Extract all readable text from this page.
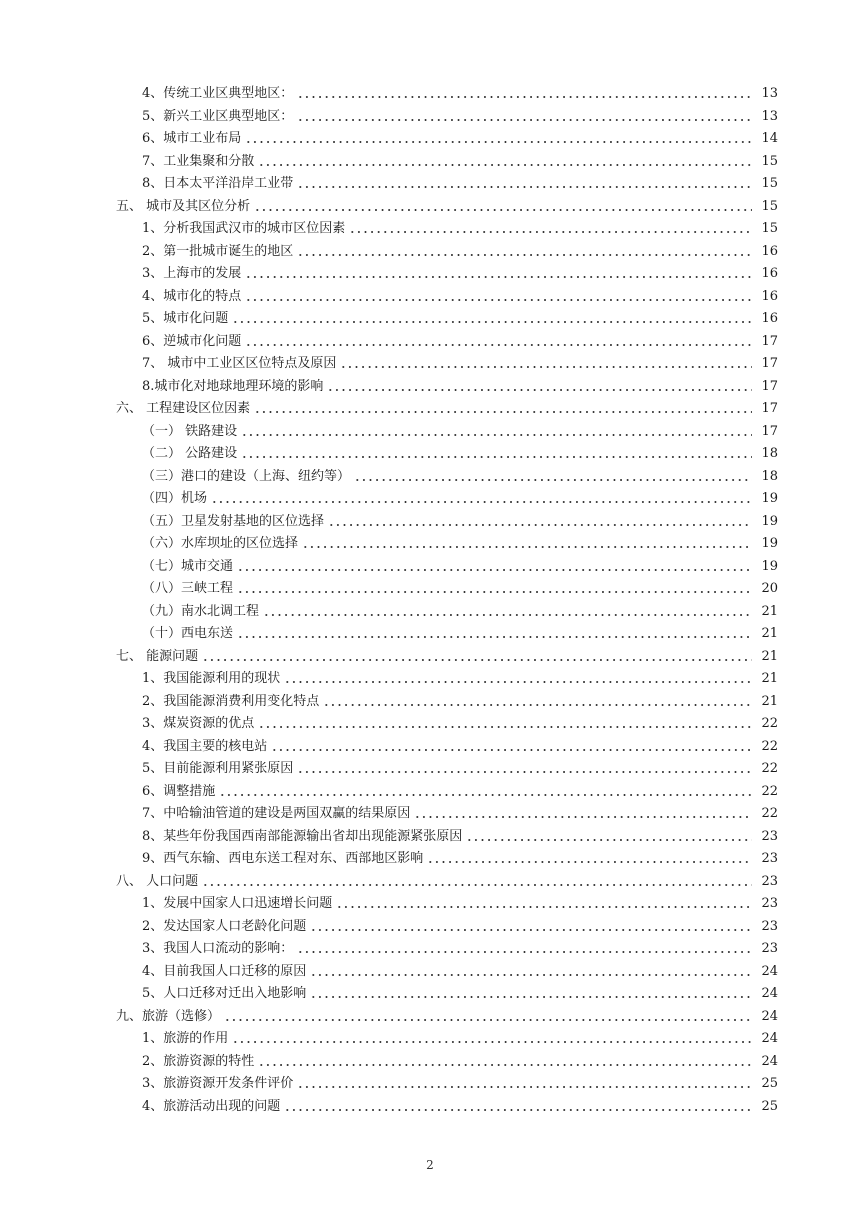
4、传统工业区典型地区：	13
5、新兴工业区典型地区：	13
6、城市工业布局	14
7、工业集聚和分散	15
8、日本太平洋沿岸工业带	15
五、 城市及其区位分析	15
1、分析我国武汉市的城市区位因素	15
2、第一批城市诞生的地区	16
3、上海市的发展	16
4、城市化的特点	16
5、城市化问题	16
6、逆城市化问题	17
7、 城市中工业区区位特点及原因	17
8.城市化对地球地理环境的影响	17
六、 工程建设区位因素	17
（一） 铁路建设	17
（二） 公路建设	18
（三）港口的建设（上海、纽约等）	18
（四）机场	19
（五）卫星发射基地的区位选择	19
（六）水库坝址的区位选择	19
（七）城市交通	19
（八）三峡工程	20
（九）南水北调工程	21
（十）西电东送	21
七、 能源问题	21
1、我国能源利用的现状	21
2、我国能源消费利用变化特点	21
3、煤炭资源的优点	22
4、我国主要的核电站	22
5、目前能源利用紧张原因	22
6、调整措施	22
7、中哈输油管道的建设是两国双赢的结果原因	22
8、某些年份我国西南部能源输出省却出现能源紧张原因	23
9、西气东输、西电东送工程对东、西部地区影响	23
八、 人口问题	23
1、发展中国家人口迅速增长问题	23
2、发达国家人口老龄化问题	23
3、我国人口流动的影响：	23
4、目前我国人口迁移的原因	24
5、人口迁移对迁出入地影响	24
九、旅游（选修）	24
1、旅游的作用	24
2、旅游资源的特性	24
3、旅游资源开发条件评价	25
4、旅游活动出现的问题	25
2
